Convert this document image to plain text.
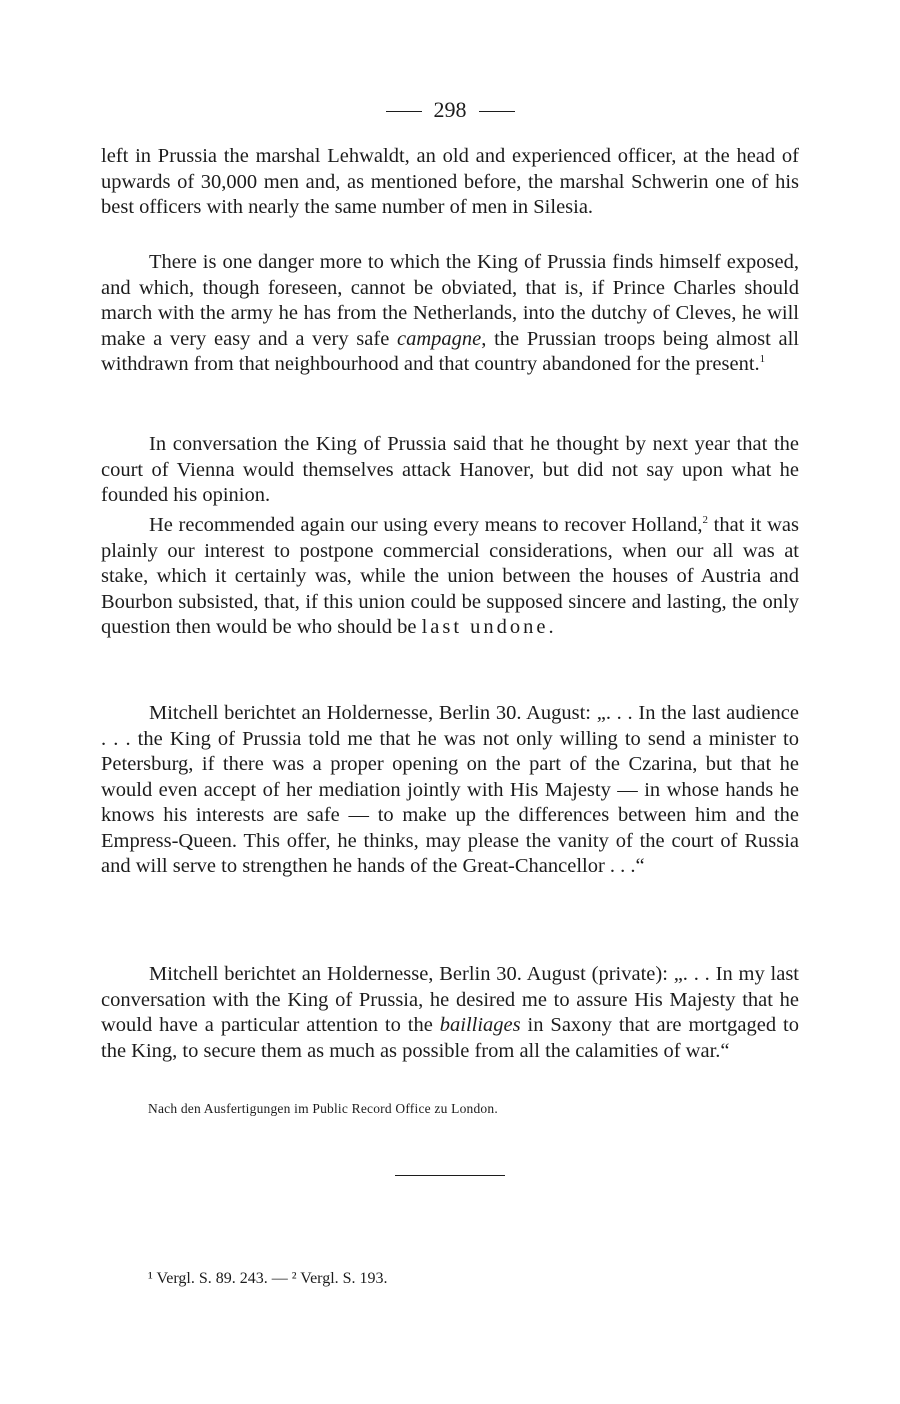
298

left in Prussia the marshal Lehwaldt, an old and experienced officer, at the head of upwards of 30,000 men and, as mentioned before, the marshal Schwerin one of his best officers with nearly the same number of men in Silesia.

There is one danger more to which the King of Prussia finds himself exposed, and which, though foreseen, cannot be obviated, that is, if Prince Charles should march with the army he has from the Netherlands, into the dutchy of Cleves, he will make a very easy and a very safe campagne, the Prussian troops being almost all withdrawn from that neighbourhood and that country abandoned for the present.$^1$

In conversation the King of Prussia said that he thought by next year that the court of Vienna would themselves attack Hanover, but did not say upon what he founded his opinion.

He recommended again our using every means to recover Holland,$^2$ that it was plainly our interest to postpone commercial considerations, when our all was at stake, which it certainly was, while the union between the houses of Austria and Bourbon subsisted, that, if this union could be supposed sincere and lasting, the only question then would be who should be last undone.

Mitchell berichtet an Holdernesse, Berlin 30. August: „. . . In the last audience . . . the King of Prussia told me that he was not only willing to send a minister to Petersburg, if there was a proper opening on the part of the Czarina, but that he would even accept of her mediation jointly with His Majesty — in whose hands he knows his interests are safe — to make up the differences between him and the Empress-Queen. This offer, he thinks, may please the vanity of the court of Russia and will serve to strengthen he hands of the Great-Chancellor . . .“

Mitchell berichtet an Holdernesse, Berlin 30. August (private): „. . . In my last conversation with the King of Prussia, he desired me to assure His Majesty that he would have a particular attention to the bailliages in Saxony that are mortgaged to the King, to secure them as much as possible from all the calamities of war.“

Nach den Ausfertigungen im Public Record Office zu London.
¹ Vergl. S. 89. 243. — ² Vergl. S. 193.
